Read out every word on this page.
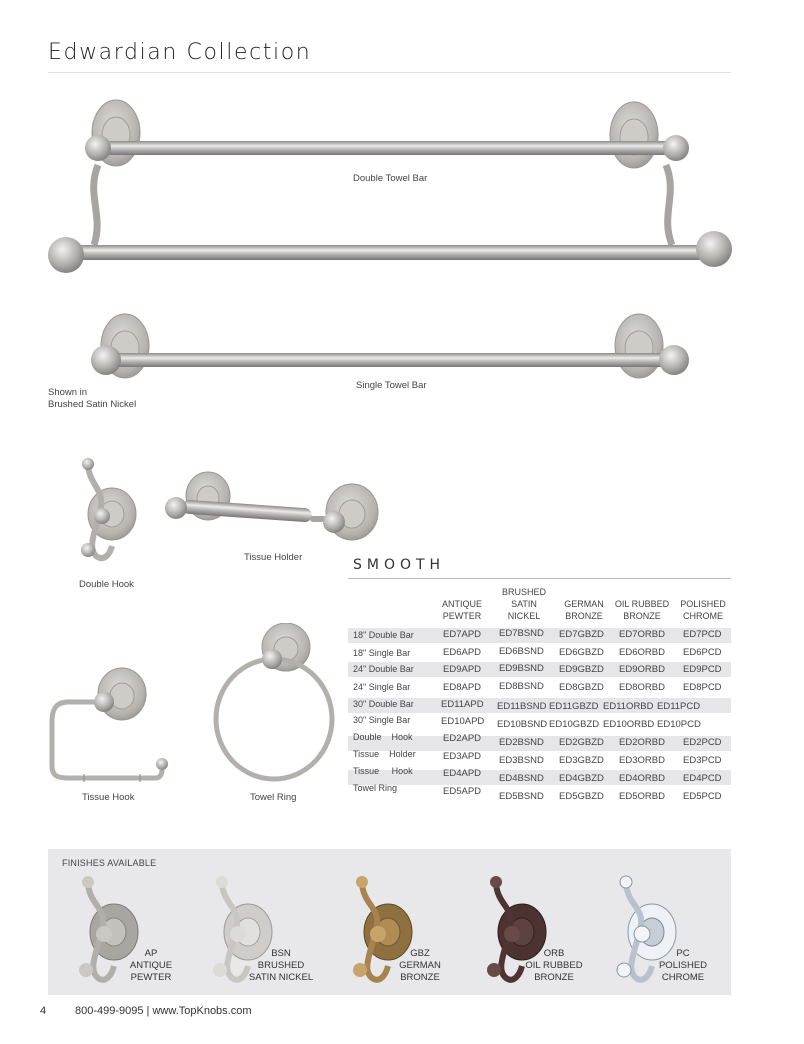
Edwardian Collection
Double Towel Bar
Single Towel Bar
Shown in
Brushed Satin Nickel
Double Hook
Tissue Holder
Tissue Hook	Towel Ring
SMOOTH

ANTIQUE
PEWTER
BRUSHED
SATIN
NICKEL

GERMAN
BRONZE

OIL RUBBED
BRONZE

POLISHED
CHROME
18" Double Bar	ED7APD ED7BSND ED7GBZD ED7ORBD ED7PCD
18" Single Bar	ED6APD ED6BSND ED6GBZD ED6ORBD ED6PCD
24" Double Bar	ED9APD ED9BSND ED9GBZD ED9ORBD ED9PCD
24" Single Bar	ED8APD ED8BSND ED8GBZD ED8ORBD ED8PCD
30" Double Bar	ED11APD ED11BSND ED11GBZD ED11ORBD ED11PCD
30" Single Bar	ED10APD ED10BSND ED10GBZD ED10ORBD ED10PCD
Double    Hook	ED2APD ED2BSND ED2GBZD ED2ORBD ED2PCD
Tissue    Holder	ED3APD ED3BSND ED3GBZD ED3ORBD ED3PCD
Tissue     Hook	ED4APD ED4BSND ED4GBZD ED4ORBD ED4PCD
Towel Ring	ED5APD ED5BSND ED5GBZD ED5ORBD ED5PCD
FINISHES AVAILABLE
AP
ANTIQUE
PEWTER
BSN
BRUSHED
SATIN NICKEL
GBZ
GERMAN
BRONZE
ORB
OIL RUBBED
BRONZE
PC
POLISHED
CHROME
4	800-499-9095 | www.TopKnobs.com
